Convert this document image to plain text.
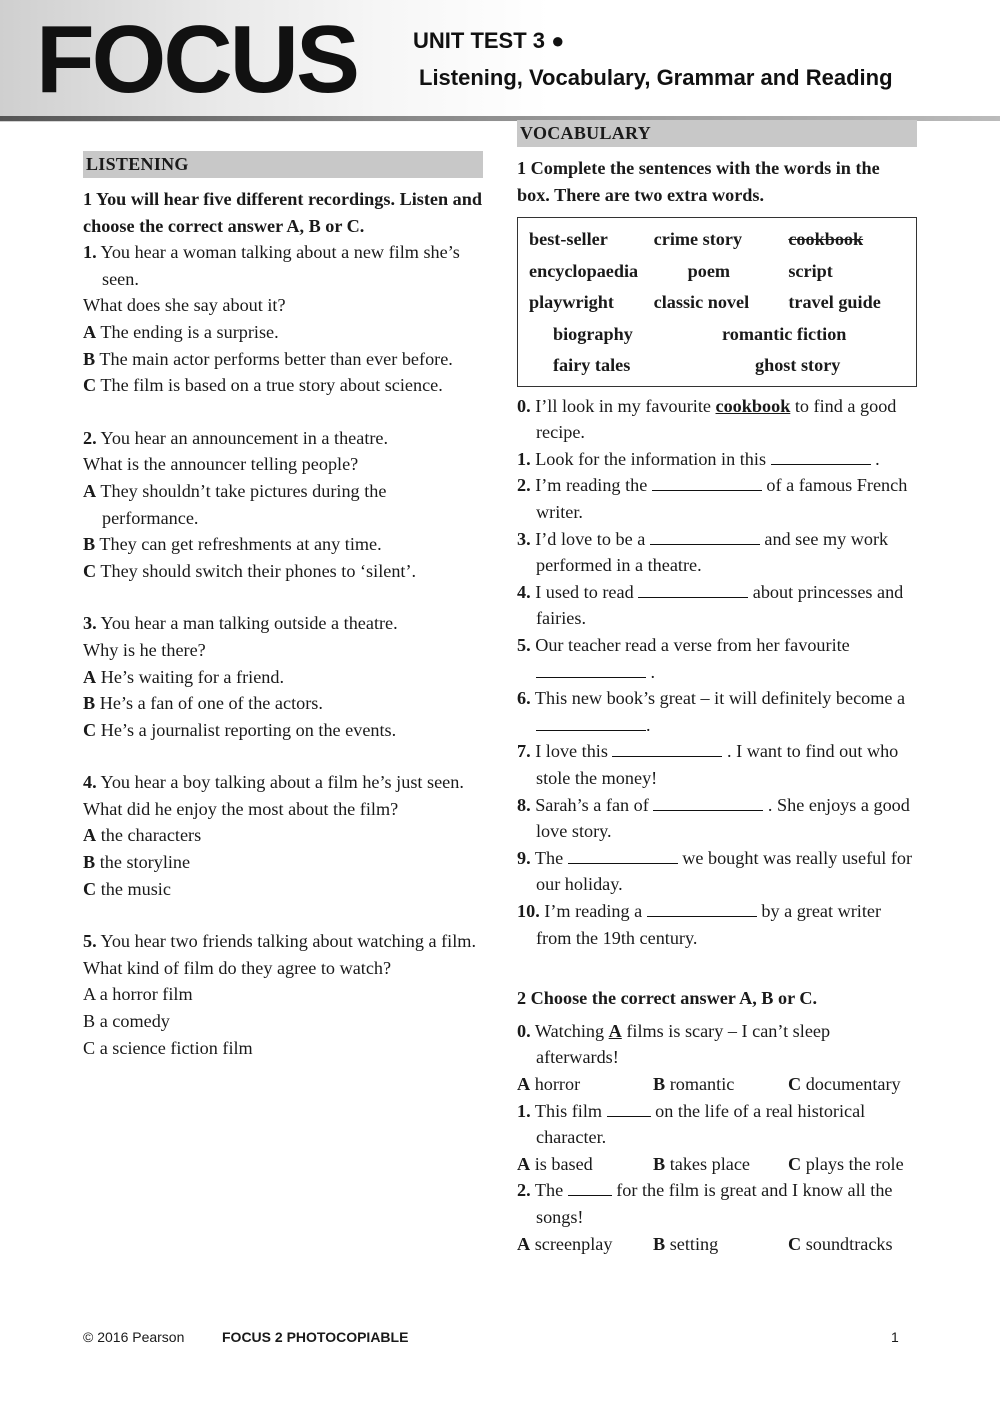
FOCUS	UNIT TEST 3 ●
Listening, Vocabulary, Grammar and Reading
LISTENING
1 You will hear five different recordings. Listen and choose the correct answer A, B or C.
1. You hear a woman talking about a new film she’s seen.
What does she say about it?
A The ending is a surprise.
B The main actor performs better than ever before.
C The film is based on a true story about science.
2. You hear an announcement in a theatre.
What is the announcer telling people?
A They shouldn’t take pictures during the performance.
B They can get refreshments at any time.
C They should switch their phones to ‘silent’.
3. You hear a man talking outside a theatre.
Why is he there?
A He’s waiting for a friend.
B He’s a fan of one of the actors.
C He’s a journalist reporting on the events.
4. You hear a boy talking about a film he’s just seen.
What did he enjoy the most about the film?
A the characters
B the storyline
C the music
5. You hear two friends talking about watching a film.
What kind of film do they agree to watch?
A a horror film
B a comedy
C a science fiction film
VOCABULARY
1 Complete the sentences with the words in the box. There are two extra words.
best-seller	crime story	cookbook
encyclopaedia	poem	script
playwright	classic novel	travel guide
biography	romantic fiction
fairy tales	ghost story
0. I’ll look in my favourite cookbook to find a good recipe.
1. Look for the information in this	.
2. I’m reading the	of a famous French writer.
3. I’d love to be a	and see my work performed in a theatre.
4. I used to read	about princesses and fairies.
5. Our teacher read a verse from her favourite  .
6. This new book’s great – it will definitely become a .
7. I love this	. I want to find out who stole the money!
8. Sarah’s a fan of	. She enjoys a good love story.
9. The	we bought was really useful for our holiday.
10. I’m reading a	by a great writer from the 19th century.
2 Choose the correct answer A, B or C.
0. Watching A films is scary – I can’t sleep afterwards!
A horror	B romantic	C documentary
1. This film	on the life of a real historical character.
A is based	B takes place	C plays the role
2. The	for the film is great and I know all the songs!
A screenplay	B setting	C soundtracks
© 2016 Pearson	FOCUS 2 PHOTOCOPIABLE	1
